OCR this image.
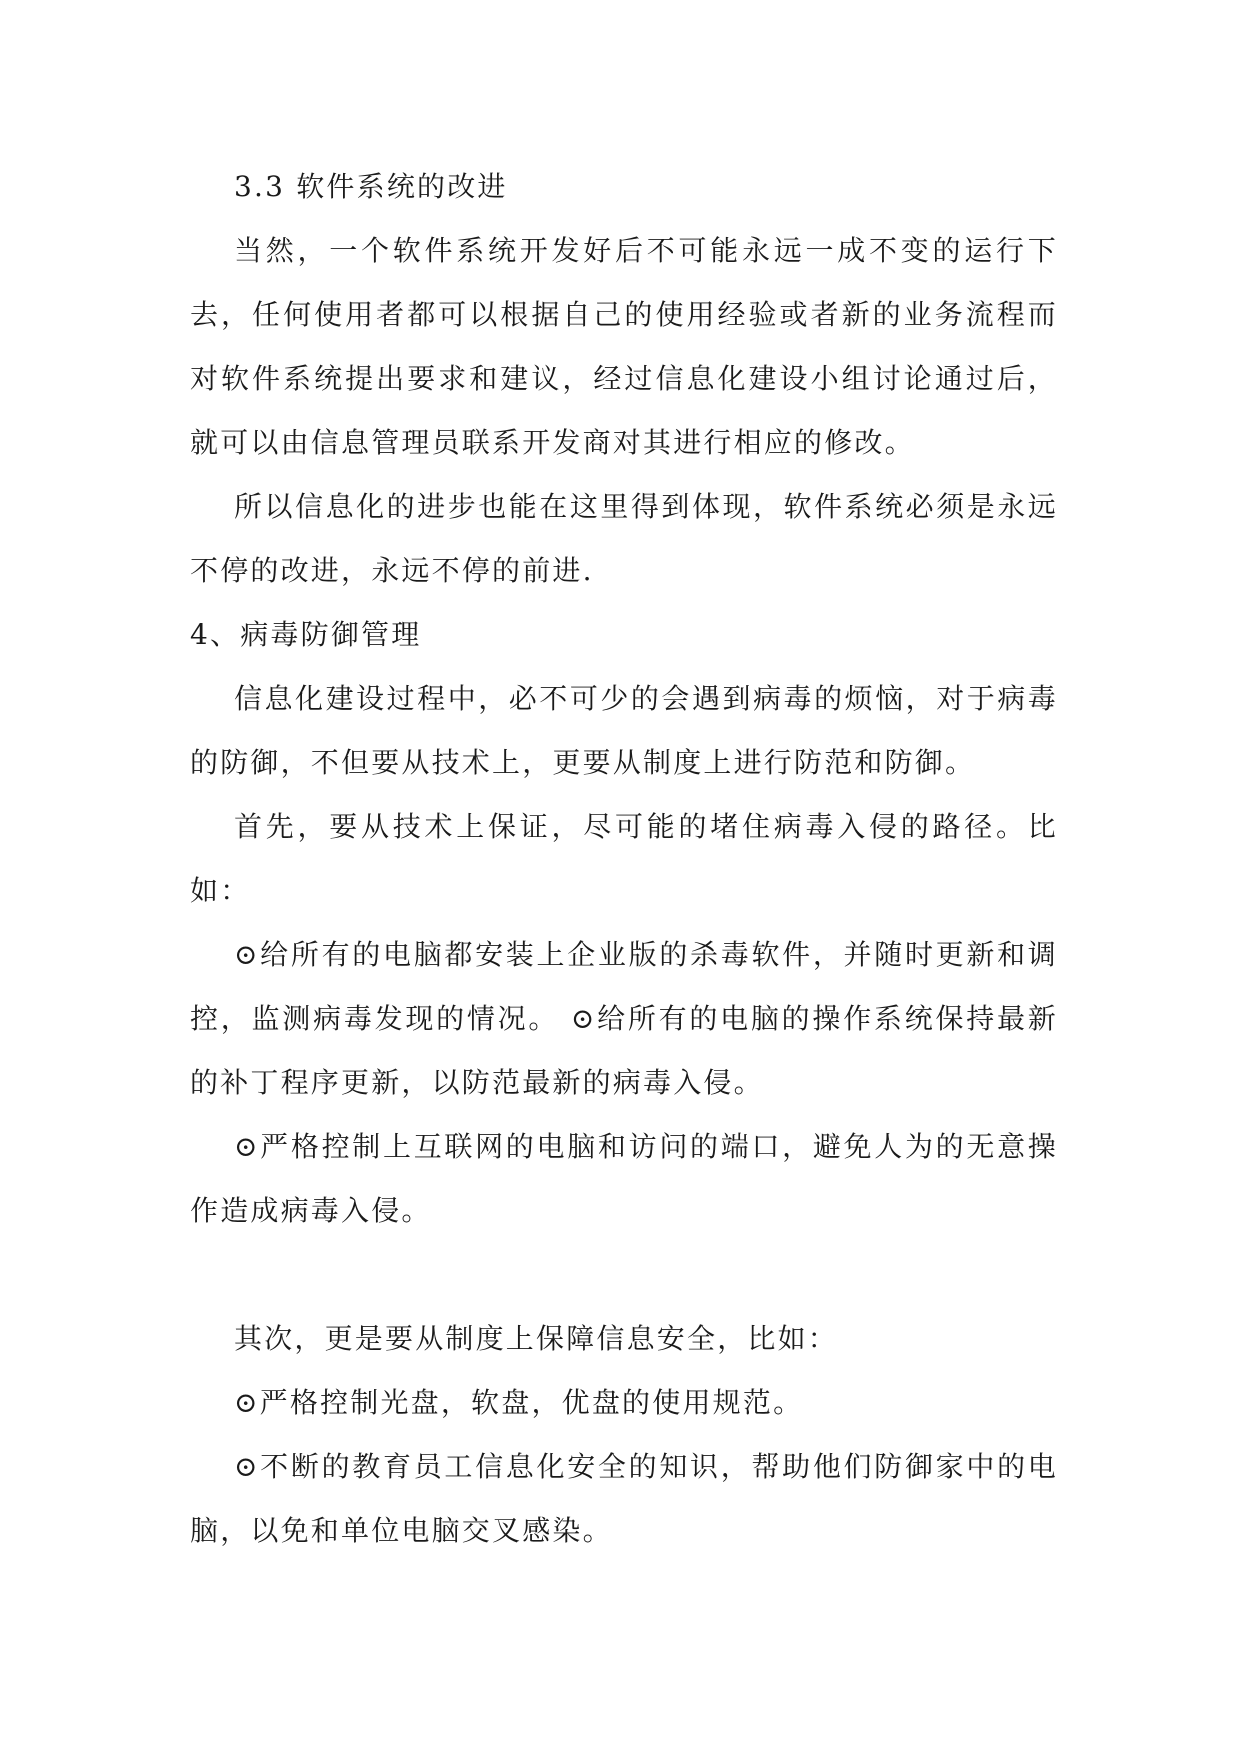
3.3 软件系统的改进

当然，一个软件系统开发好后不可能永远一成不变的运行下去，任何使用者都可以根据自己的使用经验或者新的业务流程而对软件系统提出要求和建议，经过信息化建设小组讨论通过后，就可以由信息管理员联系开发商对其进行相应的修改。

所以信息化的进步也能在这里得到体现，软件系统必须是永远不停的改进，永远不停的前进.

4、病毒防御管理

信息化建设过程中，必不可少的会遇到病毒的烦恼，对于病毒的防御，不但要从技术上，更要从制度上进行防范和防御。

首先，要从技术上保证，尽可能的堵住病毒入侵的路径。比如：

⊙给所有的电脑都安装上企业版的杀毒软件，并随时更新和调控，监测病毒发现的情况。 ⊙给所有的电脑的操作系统保持最新的补丁程序更新，以防范最新的病毒入侵。

⊙严格控制上互联网的电脑和访问的端口，避免人为的无意操作造成病毒入侵。

其次，更是要从制度上保障信息安全，比如：

⊙严格控制光盘，软盘，优盘的使用规范。

⊙不断的教育员工信息化安全的知识，帮助他们防御家中的电脑，以免和单位电脑交叉感染。
